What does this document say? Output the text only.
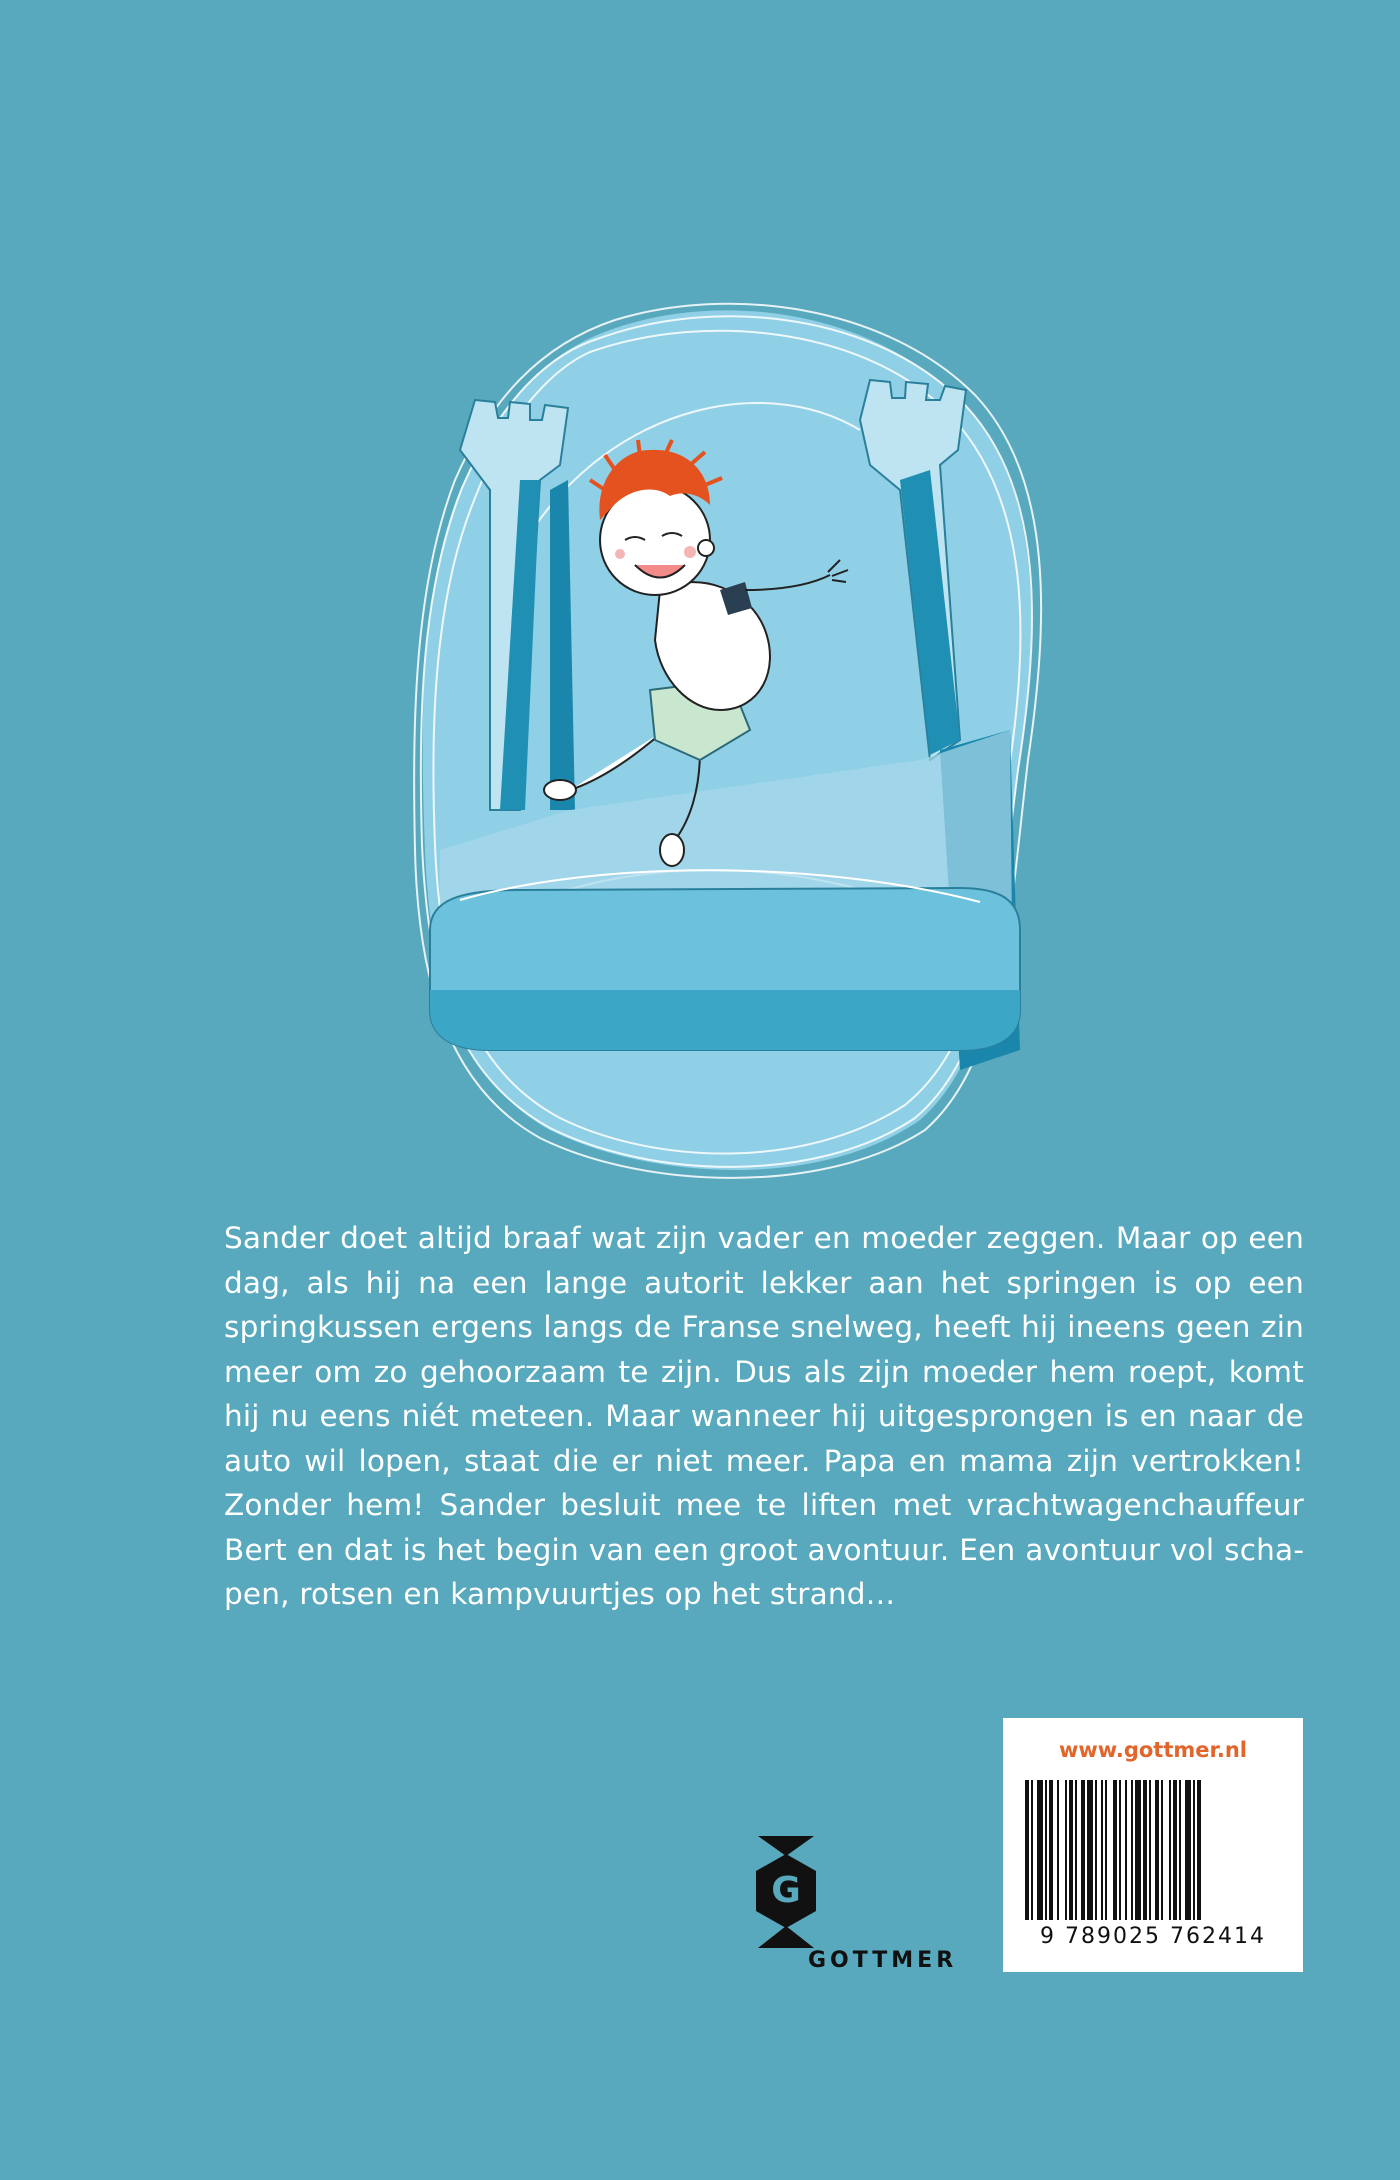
Sander doet altijd braaf wat zijn vader en moeder zeggen. Maar op een dag, als hij na een lange autorit lekker aan het springen is op een springkussen ergens langs de Franse snelweg, heeft hij ineens geen zin meer om zo gehoorzaam te zijn. Dus als zijn moeder hem roept, komt hij nu eens niét meteen. Maar wanneer hij uitgesprongen is en naar de auto wil lopen, staat die er niet meer. Papa en mama zijn vertrokken! Zonder hem! Sander besluit mee te liften met vrachtwagenchauffeur Bert en dat is het begin van een groot avontuur. Een avontuur vol schapen, rotsen en kampvuurtjes op het strand…
G
GOTTMER
www.gottmer.nl
9 789025 762414
